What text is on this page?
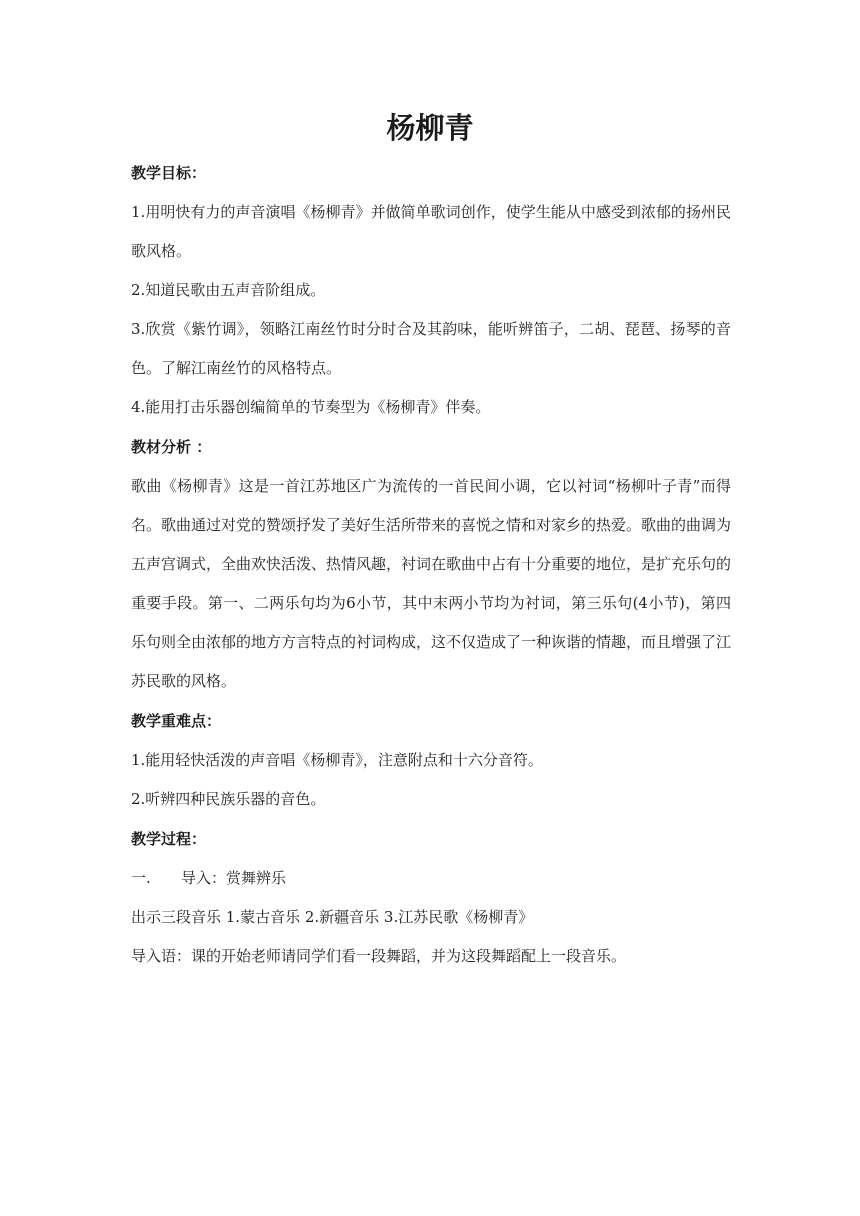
杨柳青
教学目标：

1.用明快有力的声音演唱《杨柳青》并做简单歌词创作，使学生能从中感受到浓郁的扬州民歌风格。

2.知道民歌由五声音阶组成。

3.欣赏《紫竹调》，领略江南丝竹时分时合及其韵味，能听辨笛子，二胡、琵琶、扬琴的音色。了解江南丝竹的风格特点。

4.能用打击乐器创编简单的节奏型为《杨柳青》伴奏。

教材分析 ：

歌曲《杨柳青》这是一首江苏地区广为流传的一首民间小调，它以衬词“杨柳叶子青”而得名。歌曲通过对党的赞颂抒发了美好生活所带来的喜悦之情和对家乡的热爱。歌曲的曲调为五声宫调式，全曲欢快活泼、热情风趣，衬词在歌曲中占有十分重要的地位，是扩充乐句的重要手段。第一、二两乐句均为6小节，其中末两小节均为衬词，第三乐句(4小节)，第四乐句则全由浓郁的地方方言特点的衬词构成，这不仅造成了一种诙谐的情趣，而且增强了江苏民歌的风格。

教学重难点：

1.能用轻快活泼的声音唱《杨柳青》，注意附点和十六分音符。

2.听辨四种民族乐器的音色。

教学过程：

一. 导入：赏舞辨乐

出示三段音乐 1.蒙古音乐 2.新疆音乐 3.江苏民歌《杨柳青》

导入语：课的开始老师请同学们看一段舞蹈，并为这段舞蹈配上一段音乐。
